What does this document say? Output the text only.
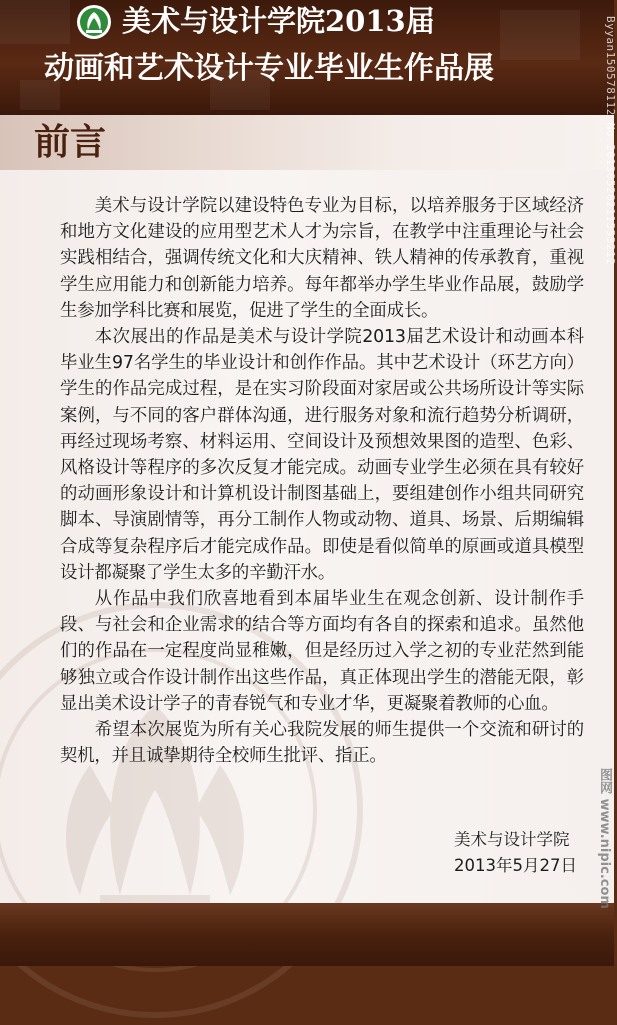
美术与设计学院2013届
动画和艺术设计专业毕业生作品展
前言

美术与设计学院以建设特色专业为目标，以培养服务于区域经济和地方文化建设的应用型艺术人才为宗旨，在教学中注重理论与社会实践相结合，强调传统文化和大庆精神、铁人精神的传承教育，重视学生应用能力和创新能力培养。每年都举办学生毕业作品展，鼓励学生参加学科比赛和展览，促进了学生的全面成长。

本次展出的作品是美术与设计学院2013届艺术设计和动画本科毕业生97名学生的毕业设计和创作作品。其中艺术设计（环艺方向）学生的作品完成过程，是在实习阶段面对家居或公共场所设计等实际案例，与不同的客户群体沟通，进行服务对象和流行趋势分析调研，再经过现场考察、材料运用、空间设计及预想效果图的造型、色彩、风格设计等程序的多次反复才能完成。动画专业学生必须在具有较好的动画形象设计和计算机设计制图基础上，要组建创作小组共同研究脚本、导演剧情等，再分工制作人物或动物、道具、场景、后期编辑合成等复杂程序后才能完成作品。即使是看似简单的原画或道具模型设计都凝聚了学生太多的辛勤汗水。

从作品中我们欣喜地看到本届毕业生在观念创新、设计制作手段、与社会和企业需求的结合等方面均有各自的探索和追求。虽然他们的作品在一定程度尚显稚嫩，但是经历过入学之初的专业茫然到能够独立或合作设计制作出这些作品，真正体现出学生的潜能无限，彰显出美术设计学子的青春锐气和专业才华，更凝聚着教师的心血。

希望本次展览为所有关心我院发展的师生提供一个交流和研讨的契机，并且诚挚期待全校师生批评、指正。

美术与设计学院
2013年5月27日
Byyan150578112 No.20130528211553212
图网 www.nipic.com
